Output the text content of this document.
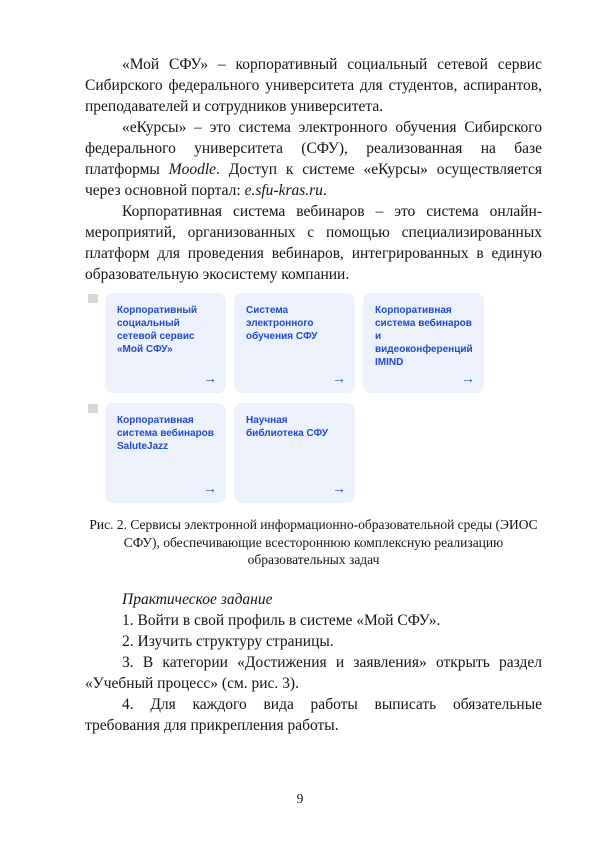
«Мой СФУ» – корпоративный социальный сетевой сервис Сибирского федерального университета для студентов, аспирантов, преподавателей и сотрудников университета.

«еКурсы» – это система электронного обучения Сибирского федерального университета (СФУ), реализованная на базе платформы Moodle. Доступ к системе «еКурсы» осуществляется через основной портал: e.sfu-kras.ru.

Корпоративная система вебинаров – это система онлайн-мероприятий, организованных с помощью специализированных платформ для проведения вебинаров, интегрированных в единую образовательную экосистему компании.

Корпоративный социальный сетевой сервис «Мой СФУ»
→
Система электронного обучения СФУ
→
Корпоративная система вебинаров и видеоконференций IMIND
→
Корпоративная система вебинаров SaluteJazz
→
Научная библиотека СФУ
→
Рис. 2. Сервисы электронной информационно-образовательной среды (ЭИОС СФУ), обеспечивающие всестороннюю комплексную реализацию образовательных задач

Практическое задание

1. Войти в свой профиль в системе «Мой СФУ».

2. Изучить структуру страницы.

3. В категории «Достижения и заявления» открыть раздел «Учебный процесс» (см. рис. 3).

4. Для каждого вида работы выписать обязательные требования для прикрепления работы.

9
